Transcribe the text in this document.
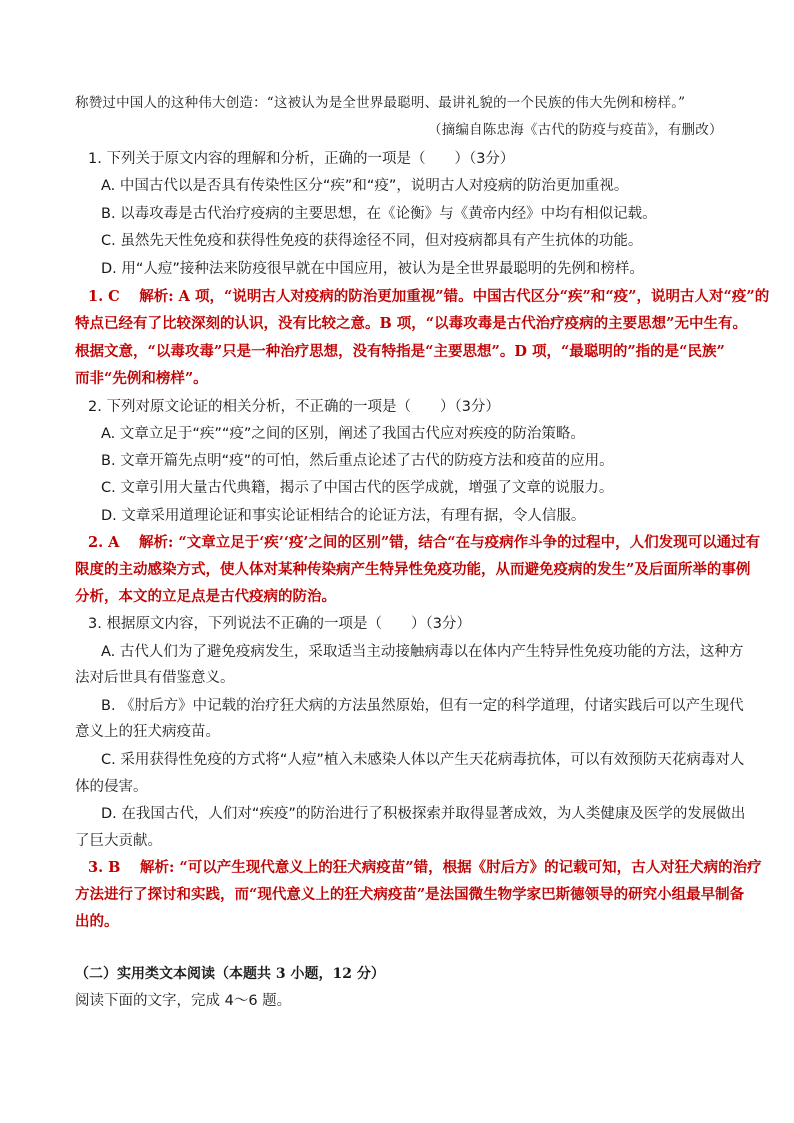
称赞过中国人的这种伟大创造：“这被认为是全世界最聪明、最讲礼貌的一个民族的伟大先例和榜样。”
（摘编自陈忠海《古代的防疫与疫苗》，有删改）
1. 下列关于原文内容的理解和分析，正确的一项是（　　）（3分）
A. 中国古代以是否具有传染性区分“疾”和“疫”，说明古人对疫病的防治更加重视。
B. 以毒攻毒是古代治疗疫病的主要思想，在《论衡》与《黄帝内经》中均有相似记载。
C. 虽然先天性免疫和获得性免疫的获得途径不同，但对疫病都具有产生抗体的功能。
D. 用“人痘”接种法来防疫很早就在中国应用，被认为是全世界最聪明的先例和榜样。
1. C　 解析: A 项，“说明古人对疫病的防治更加重视”错。中国古代区分“疾”和“疫”，说明古人对“疫”的
特点已经有了比较深刻的认识，没有比较之意。B 项，“以毒攻毒是古代治疗疫病的主要思想”无中生有。
根据文意，“以毒攻毒”只是一种治疗思想，没有特指是“主要思想”。D 项，“最聪明的”指的是“民族”
而非“先例和榜样”。
2. 下列对原文论证的相关分析，不正确的一项是（　　）（3分）
A. 文章立足于“疾”“疫”之间的区别，阐述了我国古代应对疾疫的防治策略。
B. 文章开篇先点明“疫”的可怕，然后重点论述了古代的防疫方法和疫苗的应用。
C. 文章引用大量古代典籍，揭示了中国古代的医学成就，增强了文章的说服力。
D. 文章采用道理论证和事实论证相结合的论证方法，有理有据，令人信服。
2. A　 解析: “文章立足于‘疾’‘疫’之间的区别”错，结合“在与疫病作斗争的过程中，人们发现可以通过有
限度的主动感染方式，使人体对某种传染病产生特异性免疫功能，从而避免疫病的发生”及后面所举的事例
分析，本文的立足点是古代疫病的防治。
3. 根据原文内容，下列说法不正确的一项是（　　）（3分）
A. 古代人们为了避免疫病发生，采取适当主动接触病毒以在体内产生特异性免疫功能的方法，这种方
法对后世具有借鉴意义。
B. 《肘后方》中记载的治疗狂犬病的方法虽然原始，但有一定的科学道理，付诸实践后可以产生现代
意义上的狂犬病疫苗。
C. 采用获得性免疫的方式将“人痘”植入未感染人体以产生天花病毒抗体，可以有效预防天花病毒对人
体的侵害。
D. 在我国古代，人们对“疾疫”的防治进行了积极探索并取得显著成效，为人类健康及医学的发展做出
了巨大贡献。
3. B　 解析: “可以产生现代意义上的狂犬病疫苗”错，根据《肘后方》的记载可知，古人对狂犬病的治疗
方法进行了探讨和实践，而“现代意义上的狂犬病疫苗”是法国微生物学家巴斯德领导的研究小组最早制备
出的。
（二）实用类文本阅读（本题共 3 小题，12 分）
阅读下面的文字，完成 4～6 题。
